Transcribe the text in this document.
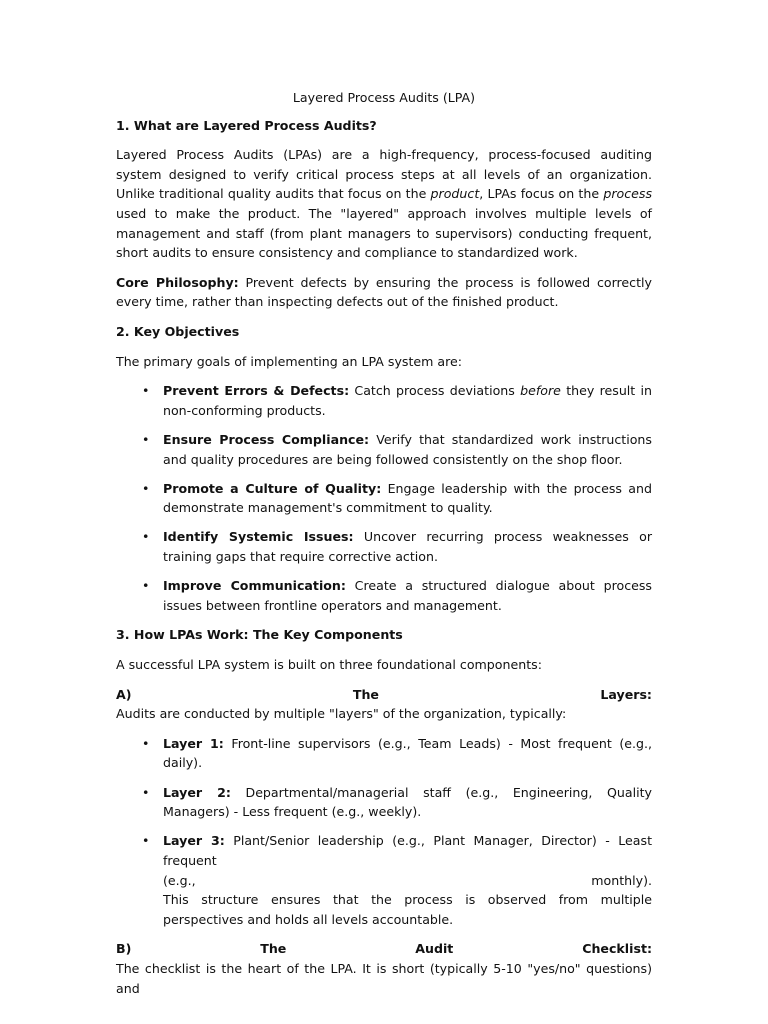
Layered Process Audits (LPA)
1. What are Layered Process Audits?

Layered Process Audits (LPAs) are a high-frequency, process-focused auditing system designed to verify critical process steps at all levels of an organization. Unlike traditional quality audits that focus on the product, LPAs focus on the process used to make the product. The "layered" approach involves multiple levels of management and staff (from plant managers to supervisors) conducting frequent, short audits to ensure consistency and compliance to standardized work.

Core Philosophy: Prevent defects by ensuring the process is followed correctly every time, rather than inspecting defects out of the finished product.

2. Key Objectives

The primary goals of implementing an LPA system are:

• Prevent Errors & Defects: Catch process deviations before they result in non-conforming products.
• Ensure Process Compliance: Verify that standardized work instructions and quality procedures are being followed consistently on the shop floor.
• Promote a Culture of Quality: Engage leadership with the process and demonstrate management's commitment to quality.
• Identify Systemic Issues: Uncover recurring process weaknesses or training gaps that require corrective action.
• Improve Communication: Create a structured dialogue about process issues between frontline operators and management.
3. How LPAs Work: The Key Components

A successful LPA system is built on three foundational components:

A)	The	Layers:

Audits are conducted by multiple "layers" of the organization, typically:

• Layer 1: Front-line supervisors (e.g., Team Leads) - Most frequent (e.g., daily).
• Layer 2: Departmental/managerial staff (e.g., Engineering, Quality Managers) - Less frequent (e.g., weekly).
• Layer 3: Plant/Senior leadership (e.g., Plant Manager, Director) - Least frequent
(e.g.,	monthly).
This structure ensures that the process is observed from multiple perspectives and holds all levels accountable.
B)	The	Audit	Checklist:

The checklist is the heart of the LPA. It is short (typically 5-10 "yes/no" questions) and
